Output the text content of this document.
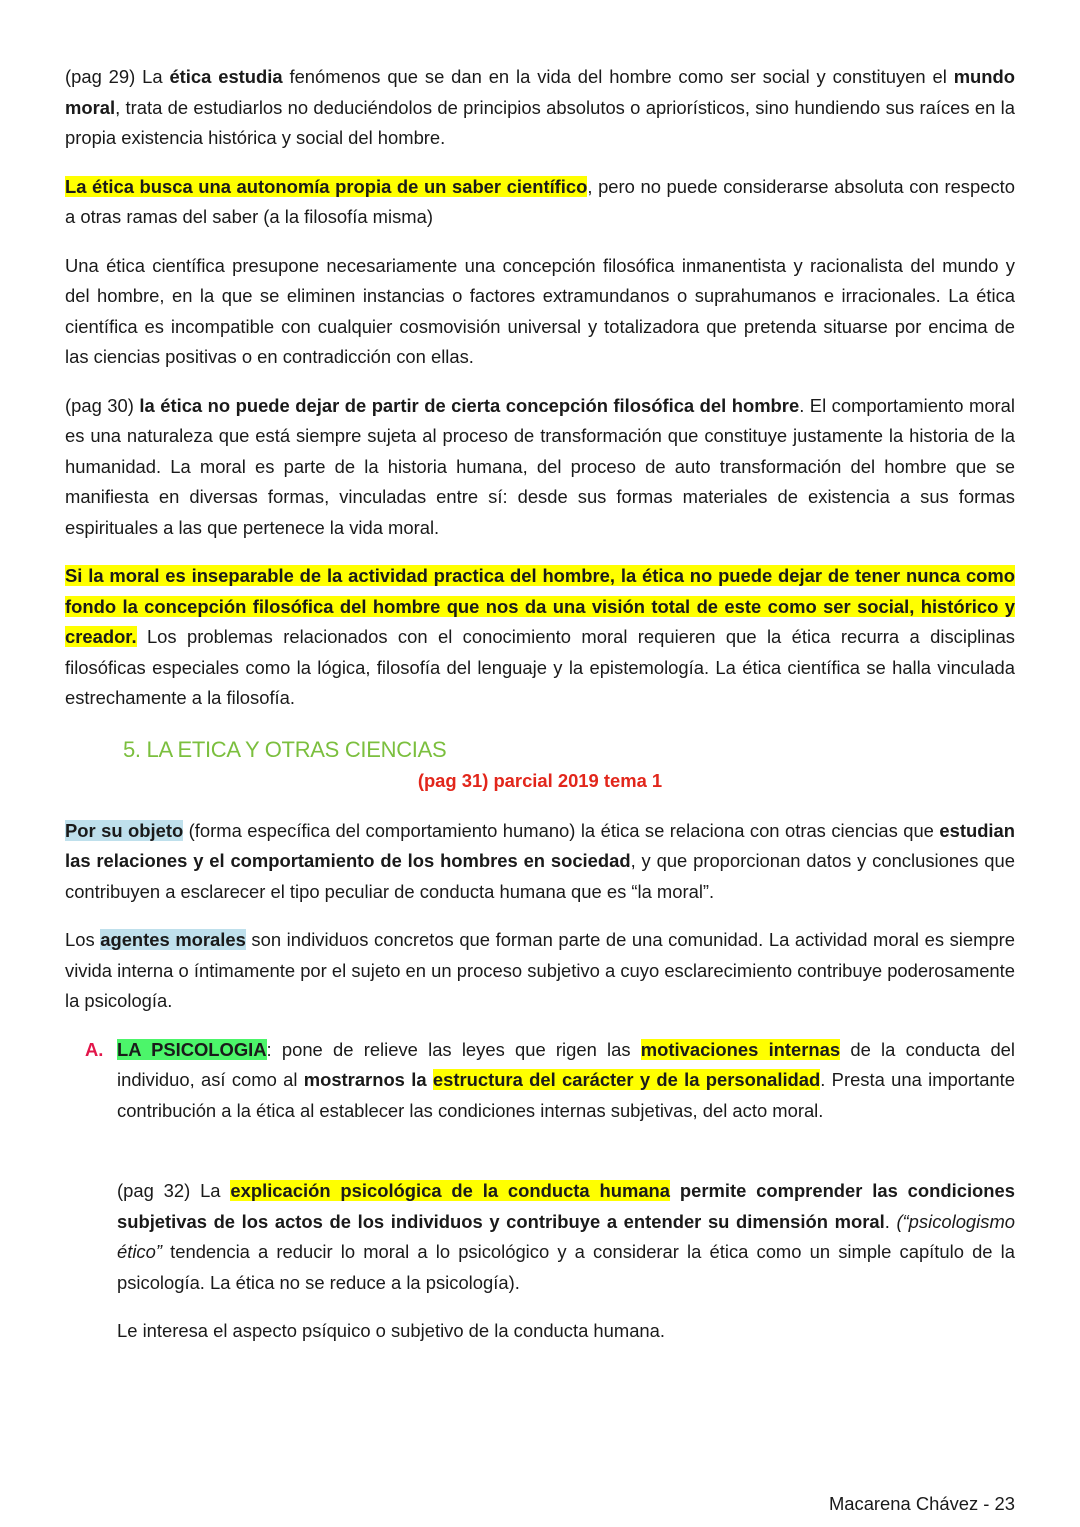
(pag 29) La ética estudia fenómenos que se dan en la vida del hombre como ser social y constituyen el mundo moral, trata de estudiarlos no deduciéndolos de principios absolutos o apriorísticos, sino hundiendo sus raíces en la propia existencia histórica y social del hombre.

La ética busca una autonomía propia de un saber científico, pero no puede considerarse absoluta con respecto a otras ramas del saber (a la filosofía misma)

Una ética científica presupone necesariamente una concepción filosófica inmanentista y racionalista del mundo y del hombre, en la que se eliminen instancias o factores extramundanos o suprahumanos e irracionales. La ética científica es incompatible con cualquier cosmovisión universal y totalizadora que pretenda situarse por encima de las ciencias positivas o en contradicción con ellas.

(pag 30) la ética no puede dejar de partir de cierta concepción filosófica del hombre. El comportamiento moral es una naturaleza que está siempre sujeta al proceso de transformación que constituye justamente la historia de la humanidad. La moral es parte de la historia humana, del proceso de auto transformación del hombre que se manifiesta en diversas formas, vinculadas entre sí: desde sus formas materiales de existencia a sus formas espirituales a las que pertenece la vida moral.

Si la moral es inseparable de la actividad practica del hombre, la ética no puede dejar de tener nunca como fondo la concepción filosófica del hombre que nos da una visión total de este como ser social, histórico y creador. Los problemas relacionados con el conocimiento moral requieren que la ética recurra a disciplinas filosóficas especiales como la lógica, filosofía del lenguaje y la epistemología. La ética científica se halla vinculada estrechamente a la filosofía.

5. LA ETICA Y OTRAS CIENCIAS
(pag 31) parcial 2019 tema 1

Por su objeto (forma específica del comportamiento humano) la ética se relaciona con otras ciencias que estudian las relaciones y el comportamiento de los hombres en sociedad, y que proporcionan datos y conclusiones que contribuyen a esclarecer el tipo peculiar de conducta humana que es “la moral”.

Los agentes morales son individuos concretos que forman parte de una comunidad. La actividad moral es siempre vivida interna o íntimamente por el sujeto en un proceso subjetivo a cuyo esclarecimiento contribuye poderosamente la psicología.

A. LA PSICOLOGIA: pone de relieve las leyes que rigen las motivaciones internas de la conducta del individuo, así como al mostrarnos la estructura del carácter y de la personalidad. Presta una importante contribución a la ética al establecer las condiciones internas subjetivas, del acto moral.

(pag 32) La explicación psicológica de la conducta humana permite comprender las condiciones subjetivas de los actos de los individuos y contribuye a entender su dimensión moral. (“psicologismo ético” tendencia a reducir lo moral a lo psicológico y a considerar la ética como un simple capítulo de la psicología. La ética no se reduce a la psicología).

Le interesa el aspecto psíquico o subjetivo de la conducta humana.

Macarena Chávez - 23
